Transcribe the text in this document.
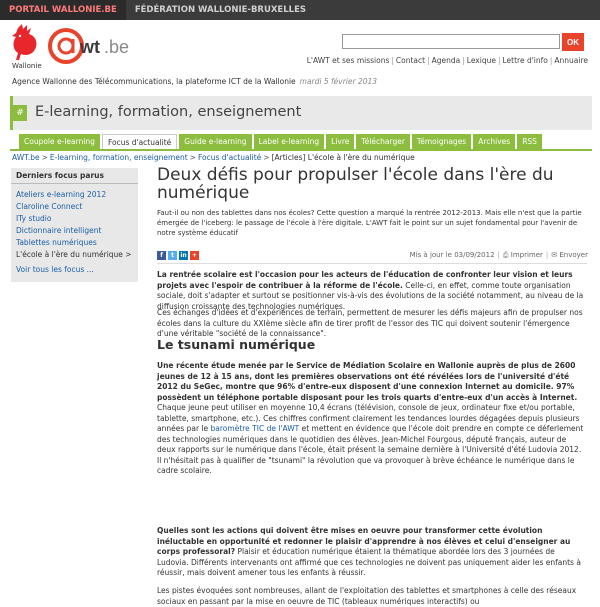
PORTAIL WALLONIE.BE	FÉDÉRATION WALLONIE-BRUXELLES
Wallonie
wt .be	OK
L'AWT et ses missions | Contact | Agenda | Lexique | Lettre d'info | Annuaire
Agence Wallonne des Télécommunications, la plateforme ICT de la Wallonie mardi 5 février 2013
# E-learning, formation, enseignement
Coupole e-learning	Focus d'actualité	Guide e-learning	Label e-learning	Livre	Télécharger	Témoignages	Archives	RSS
AWT.be > E-learning, formation, enseignement > Focus d'actualité > [Articles] L'école à l'ère du numérique
Derniers focus parus
Ateliers e-learning 2012
Claroline Connect
ITy studio
Dictionnaire intelligent
Tablettes numériques
L'école à l'ère du numérique >
Voir tous les focus ...
Deux défis pour propulser l'école dans l'ère du numérique

Faut-il ou non des tablettes dans nos écoles? Cette question a marqué la rentrée 2012-2013. Mais elle n'est que la partie émergée de l'iceberg: le passage de l'école à l'ère digitale. L'AWT fait le point sur un sujet fondamental pour l'avenir de notre système éducatif

f	t	in +	Mis à jour le 03/09/2012 | ⎙ Imprimer | ✉ Envoyer

La rentrée scolaire est l'occasion pour les acteurs de l'éducation de confronter leur vision et leurs projets avec l'espoir de contribuer à la réforme de l'école. Celle-ci, en effet, comme toute organisation sociale, doit s'adapter et surtout se positionner vis-à-vis des évolutions de la société notamment, au niveau de la diffusion croissante des technologies numériques.

Ces échanges d'idées et d'expériences de terrain, permettent de mesurer les défis majeurs afin de propulser nos écoles dans la culture du XXIème siècle afin de tirer profit de l'essor des TIC qui doivent soutenir l'émergence d'une véritable "société de la connaissance".

Le tsunami numérique

Une récente étude menée par le Service de Médiation Scolaire en Wallonie auprès de plus de 2600 jeunes de 12 à 15 ans, dont les premières observations ont été révélées lors de l'université d'été 2012 du SeGec, montre que 96% d'entre-eux disposent d'une connexion Internet au domicile. 97% possèdent un téléphone portable disposant pour les trois quarts d'entre-eux d'un accès à Internet. Chaque jeune peut utiliser en moyenne 10,4 écrans (télévision, console de jeux, ordinateur fixe et/ou portable, tablette, smartphone, etc.). Ces chiffres confirment clairement les tendances lourdes dégagées depuis plusieurs années par le baromètre TIC de l'AWT et mettent en évidence que l'école doit prendre en compte ce déferlement des technologies numériques dans le quotidien des élèves. Jean-Michel Fourgous, député français, auteur de deux rapports sur le numérique dans l'école, était présent la semaine dernière à l'Université d'été Ludovia 2012. Il n'hésitait pas à qualifier de "tsunami" la révolution que va provoquer à brève échéance le numérique dans le cadre scolaire.

Quelles sont les actions qui doivent être mises en oeuvre pour transformer cette évolution inéluctable en opportunité et redonner le plaisir d'apprendre à nos élèves et celui d'enseigner au corps professoral? Plaisir et éducation numérique étaient la thématique abordée lors des 3 journées de Ludovia. Différents intervenants ont affirmé que ces technologies ne doivent pas uniquement aider les enfants à réussir, mais doivent amener tous les enfants à réussir.

Les pistes évoquées sont nombreuses, allant de l'exploitation des tablettes et smartphones à celle des réseaux sociaux en passant par la mise en oeuvre de TIC (tableaux numériques interactifs) ou
